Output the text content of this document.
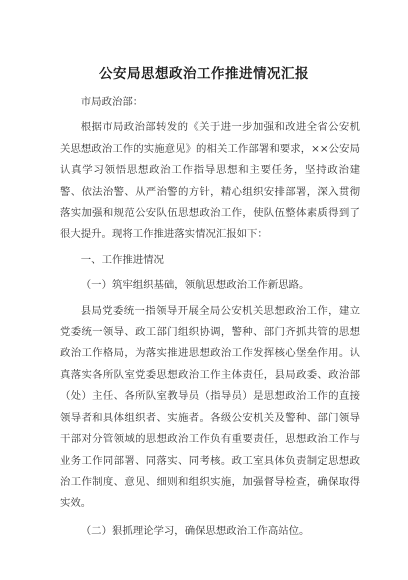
公安局思想政治工作推进情况汇报

市局政治部：

根据市局政治部转发的《关于进一步加强和改进全省公安机关思想政治工作的实施意见》的相关工作部署和要求，××公安局认真学习领悟思想政治工作指导思想和主要任务，坚持政治建警、依法治警、从严治警的方针，精心组织安排部署，深入贯彻落实加强和规范公安队伍思想政治工作，使队伍整体素质得到了很大提升。现将工作推进落实情况汇报如下：

一、工作推进情况

（一）筑牢组织基础，领航思想政治工作新思路。

县局党委统一指领导开展全局公安机关思想政治工作，建立党委统一领导、政工部门组织协调，警种、部门齐抓共管的思想政治工作格局，为落实推进思想政治工作发挥核心堡垒作用。认真落实各所队室党委思想政治工作主体责任，县局政委、政治部（处）主任、各所队室教导员（指导员）是思想政治工作的直接领导者和具体组织者、实施者。各级公安机关及警种、部门领导干部对分管领域的思想政治工作负有重要责任，思想政治工作与业务工作同部署、同落实、同考核。政工室具体负责制定思想政治工作制度、意见、细则和组织实施，加强督导检查，确保取得实效。

（二）狠抓理论学习，确保思想政治工作高站位。
